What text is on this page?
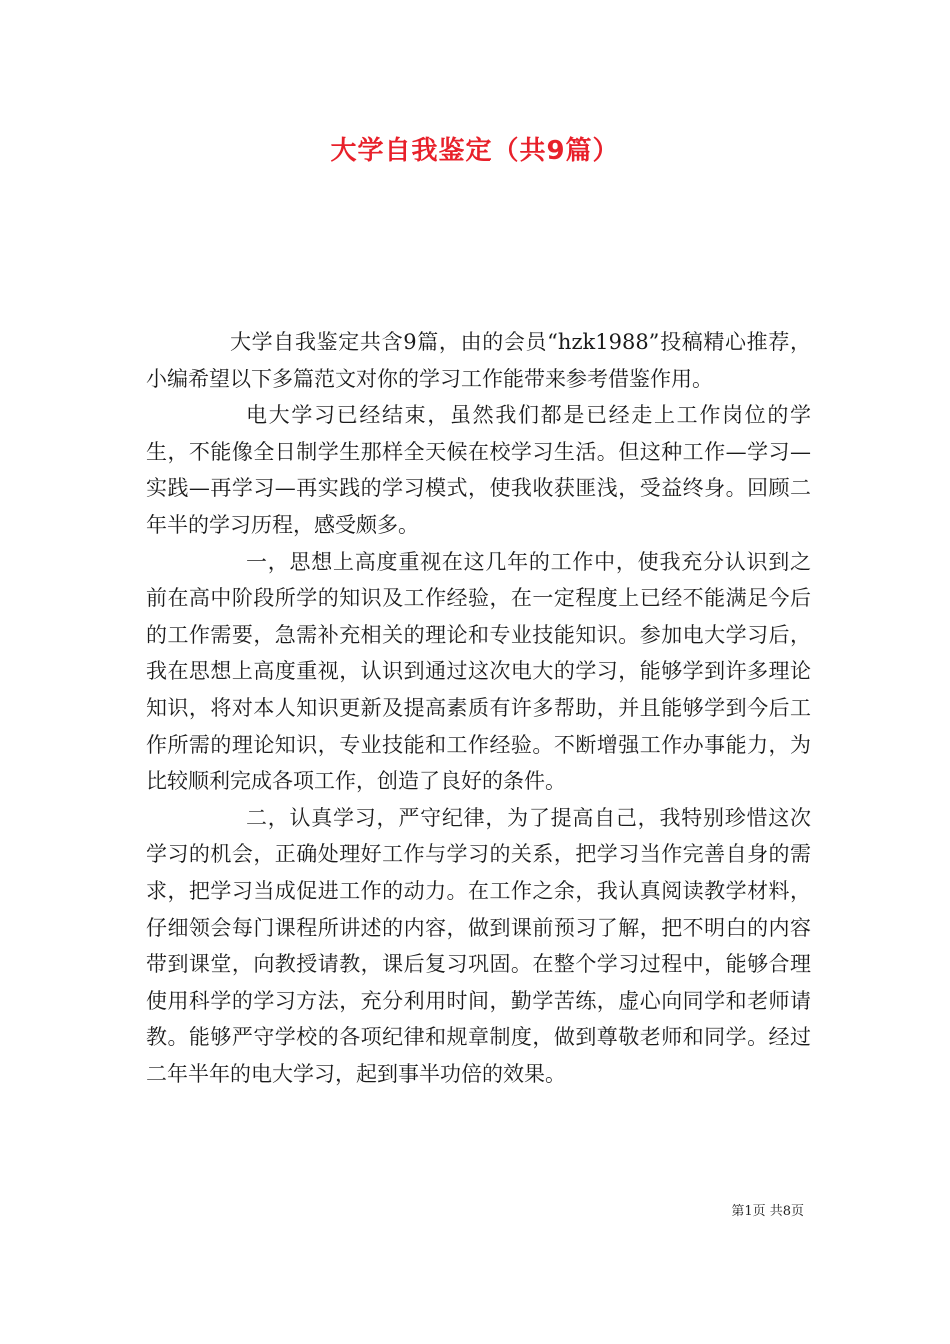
大学自我鉴定（共9篇）

大学自我鉴定共含9篇，由的会员“hzk1988”投稿精心推荐，小编希望以下多篇范文对你的学习工作能带来参考借鉴作用。

电大学习已经结束，虽然我们都是已经走上工作岗位的学生，不能像全日制学生那样全天候在校学习生活。但这种工作—学习—实践—再学习—再实践的学习模式，使我收获匪浅，受益终身。回顾二年半的学习历程，感受颇多。

一，思想上高度重视在这几年的工作中，使我充分认识到之前在高中阶段所学的知识及工作经验，在一定程度上已经不能满足今后的工作需要，急需补充相关的理论和专业技能知识。参加电大学习后，我在思想上高度重视，认识到通过这次电大的学习，能够学到许多理论知识，将对本人知识更新及提高素质有许多帮助，并且能够学到今后工作所需的理论知识，专业技能和工作经验。不断增强工作办事能力，为比较顺利完成各项工作，创造了良好的条件。

二，认真学习，严守纪律，为了提高自己，我特别珍惜这次学习的机会，正确处理好工作与学习的关系，把学习当作完善自身的需求，把学习当成促进工作的动力。在工作之余，我认真阅读教学材料，仔细领会每门课程所讲述的内容，做到课前预习了解，把不明白的内容带到课堂，向教授请教，课后复习巩固。在整个学习过程中，能够合理使用科学的学习方法，充分利用时间，勤学苦练，虚心向同学和老师请教。能够严守学校的各项纪律和规章制度，做到尊敬老师和同学。经过二年半年的电大学习，起到事半功倍的效果。

第1页 共8页
